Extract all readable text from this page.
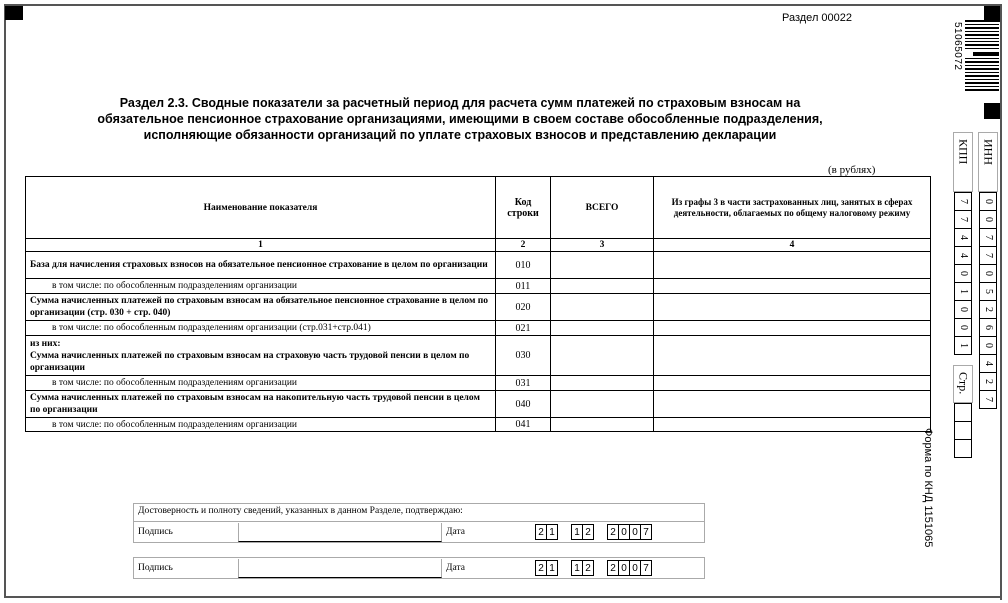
Раздел 00022
51065072
Раздел 2.3. Сводные показатели за расчетный период для расчета сумм платежей по страховым взносам на
обязательное пенсионное страхование организациями, имеющими в своем составе обособленные подразделения,
исполняющие обязанности организаций по уплате страховых взносов и представлению декларации
(в рублях)
Наименование показателя	Код строки	ВСЕГО	Из графы 3 в части застрахованных лиц, занятых в сферах деятельности, облагаемых по общему налоговому режиму
1	2	3	4
База для начисления страховых взносов на обязательное пенсионное страхование в целом по организации	010		
в том числе: по обособленным подразделениям организации	011		
Сумма начисленных платежей по страховым взносам на обязательное пенсионное страхование в целом по организации (стр. 030 + стр. 040)	020		
в том числе: по обособленным подразделениям организации (стр.031+стр.041)	021		

из них:
Сумма начисленных платежей по страховым взносам на страховую часть трудовой пенсии в целом по организации	030		
в том числе: по обособленным подразделениям организации	031		
Сумма начисленных платежей по страховым взносам на накопительную часть трудовой пенсии в целом по организации	040		
в том числе: по обособленным подразделениям организации	041		
ИНН
0
0
7
7
0
5
2
6
0
4
2
7
КПП
7
7
4
4
0
1
0
0
1
Стр.
Форма по КНД 1151065
Достоверность и полноту сведений, указанных в данном Разделе, подтверждаю:
Подпись	Дата	2 1	1 2	2 0 0 7
Подпись	Дата	2 1	1 2	2 0 0 7
